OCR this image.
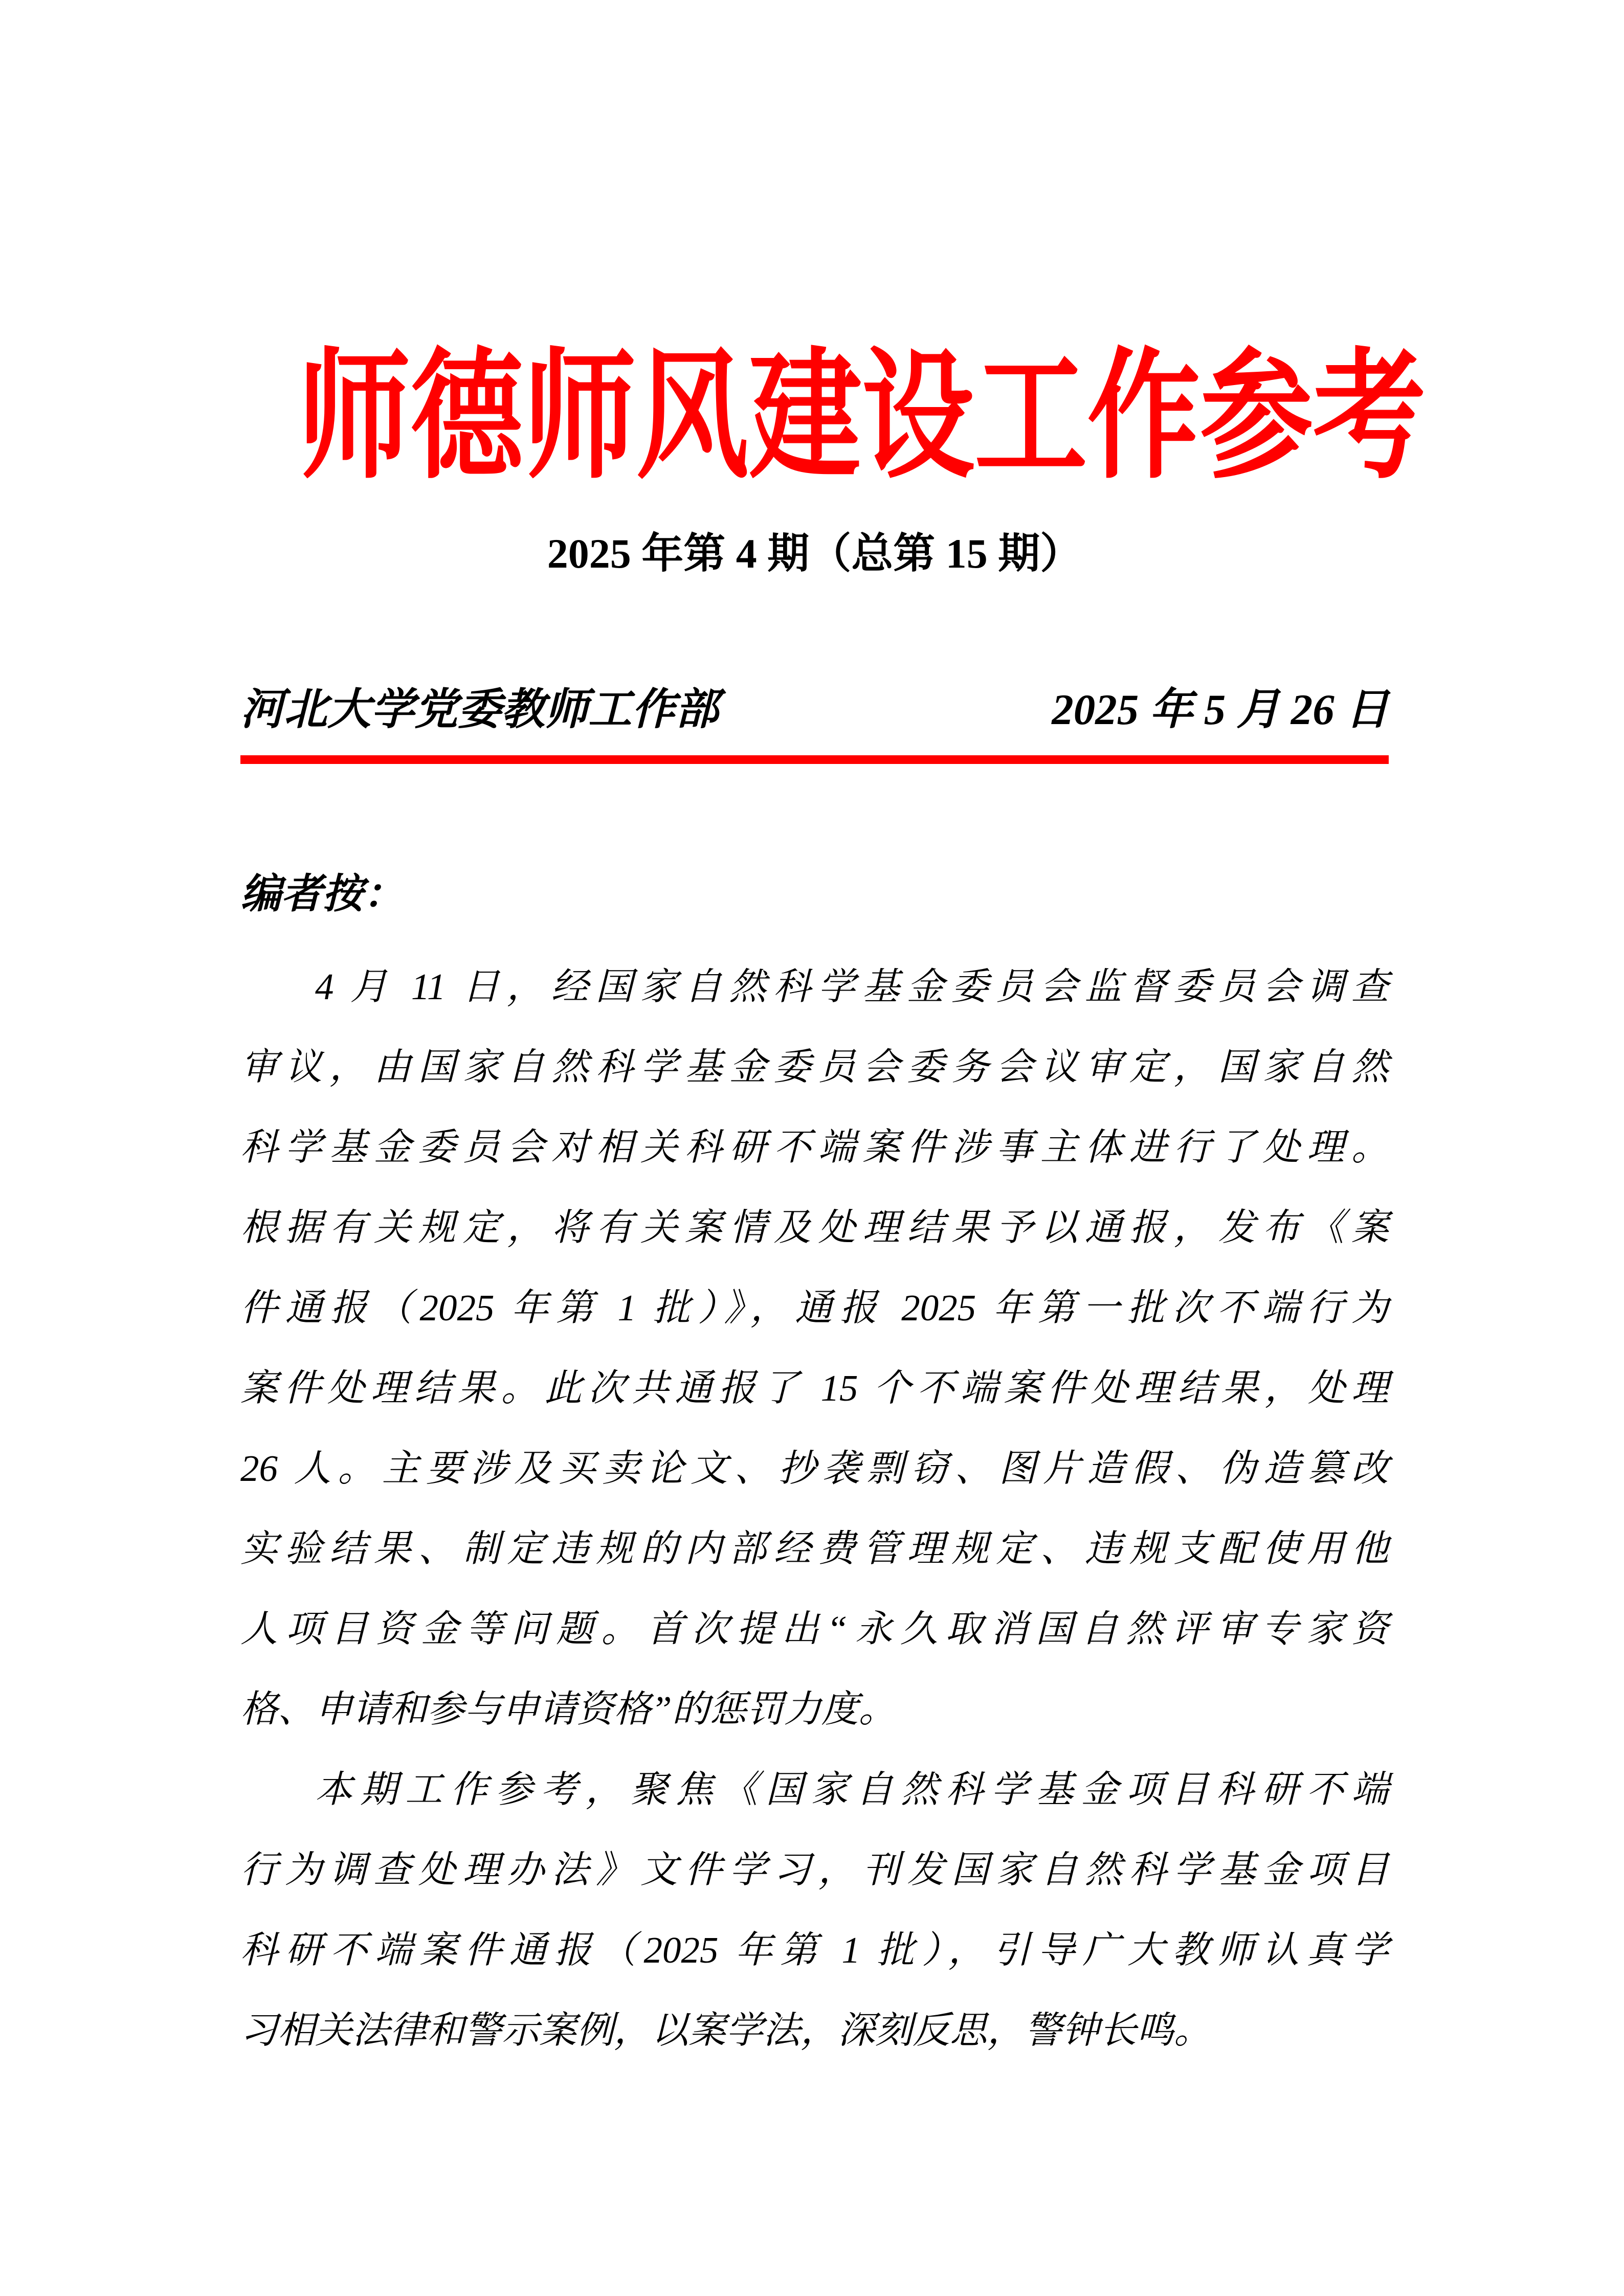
师德师风建设工作参考
2025 年第 4 期（总第 15 期）
河北大学党委教师工作部	2025 年 5 月 26 日
编者按：
4 月 11 日，经国家自然科学基金委员会监督委员会调查
审议，由国家自然科学基金委员会委务会议审定，国家自然
科学基金委员会对相关科研不端案件涉事主体进行了处理。
根据有关规定，将有关案情及处理结果予以通报，发布《案
件通报（2025 年第 1 批）》，通报 2025 年第一批次不端行为
案件处理结果。此次共通报了 15 个不端案件处理结果，处理
26 人。主要涉及买卖论文、抄袭剽窃、图片造假、伪造篡改
实验结果、制定违规的内部经费管理规定、违规支配使用他
人项目资金等问题。首次提出“永久取消国自然评审专家资
格、申请和参与申请资格”的惩罚力度。
本期工作参考，聚焦《国家自然科学基金项目科研不端
行为调查处理办法》文件学习，刊发国家自然科学基金项目
科研不端案件通报（2025 年第 1 批），引导广大教师认真学
习相关法律和警示案例，以案学法，深刻反思，警钟长鸣。
